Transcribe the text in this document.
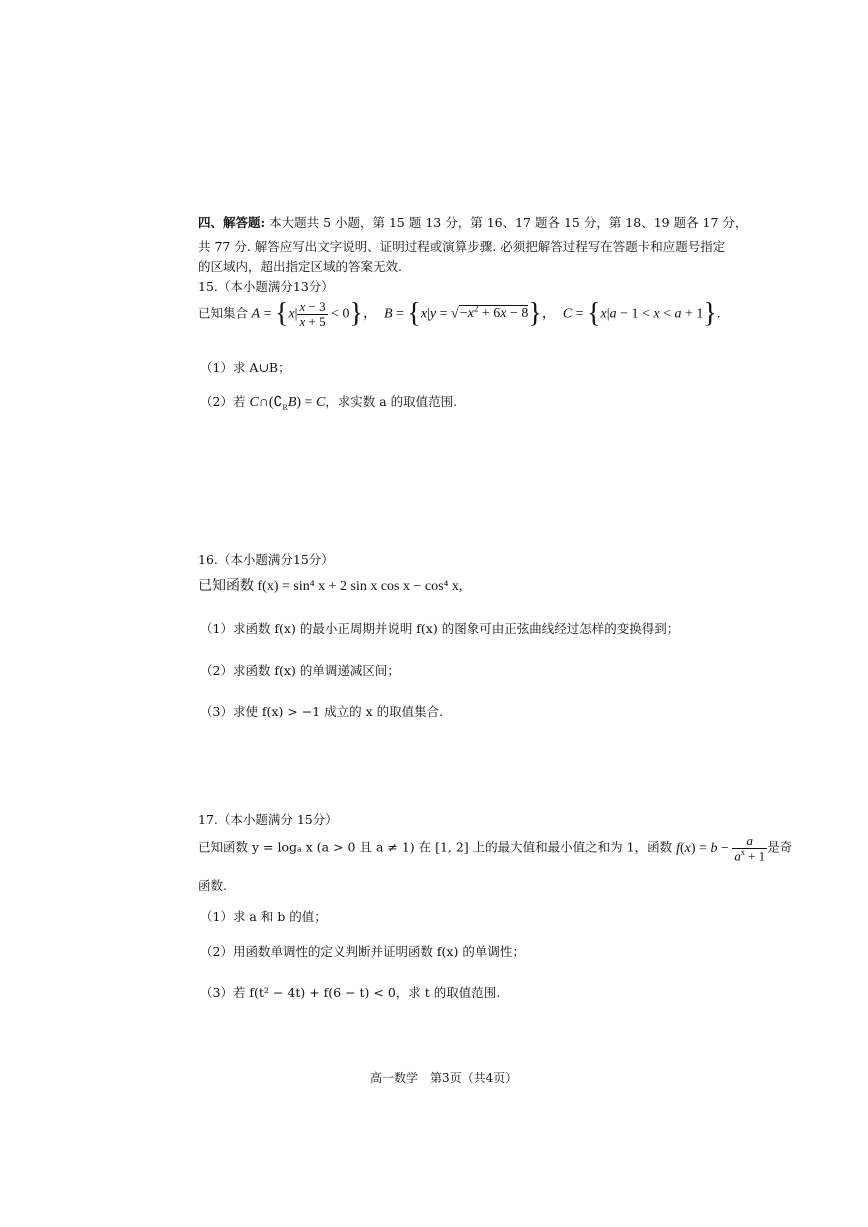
四、解答题: 本大题共 5 小题，第 15 题 13 分，第 16、17 题各 15 分，第 18、19 题各 17 分，
共 77 分. 解答应写出文字说明、证明过程或演算步骤. 必须把解答过程写在答题卡和应题号指定
的区域内，超出指定区域的答案无效.
15.（本小题满分13分）
已知集合 $A = \{x| \frac{x - 3}{x + 5} < 0\}$，  $B = \{x|y = √-x^2 + 6x - 8\}$，  C = {x|a − 1 < x < a + 1}.
（1）求 A∪B；
（2）若 $C\cap(∁_RB) = C$，求实数 a 的取值范围.
16.（本小题满分15分）
已知函数 f(x) = sin⁴ x + 2 sin x cos x − cos⁴ x,
（1）求函数 f(x) 的最小正周期并说明 f(x) 的图象可由正弦曲线经过怎样的变换得到；
（2）求函数 f(x) 的单调递减区间；
（3）求使 f(x) > −1 成立的 x 的取值集合.
17.（本小题满分 15分）
已知函数 y = logₐ x (a > 0 且 a ≠ 1) 在 [1, 2] 上的最大值和最小值之和为 1，函数 $f(x) = b - \frac{a}{a^x + 1}$ 是奇
函数.
（1）求 a 和 b 的值；
（2）用函数单调性的定义判断并证明函数 f(x) 的单调性；
（3）若 f(t² − 4t) + f(6 − t) < 0，求 t 的取值范围.
高一数学　第3页（共4页）
